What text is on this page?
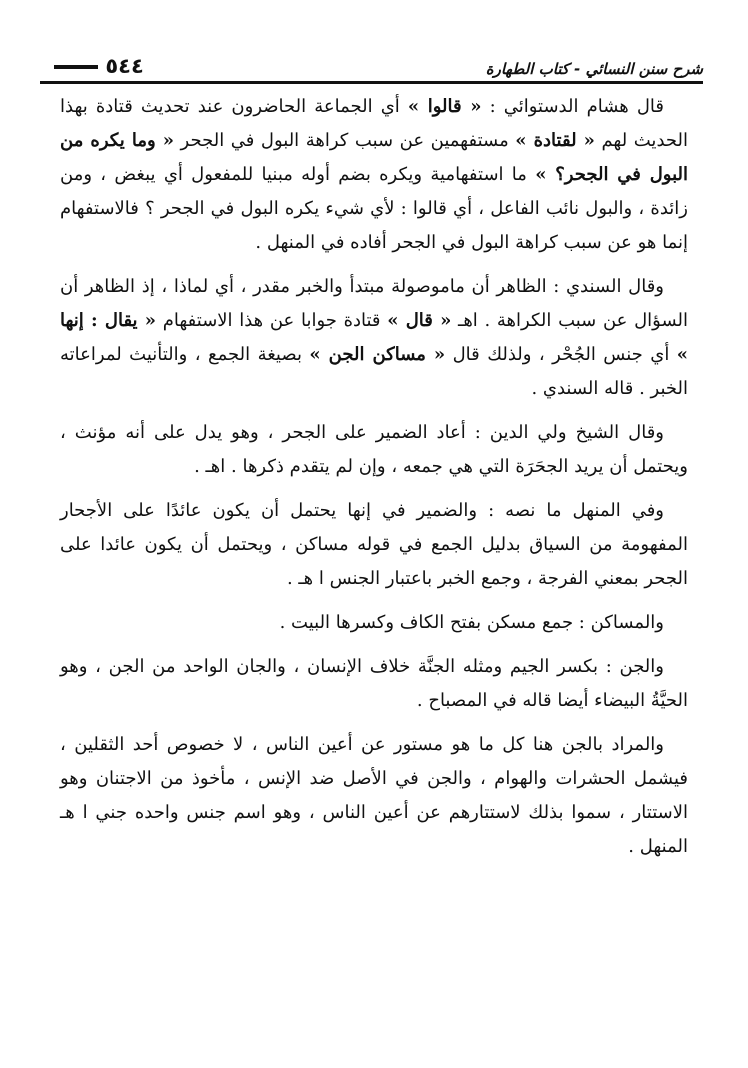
شرح سنن النسائي - كتاب الطهارة
٥٤٤

قال هشام الدستوائي : « قالوا » أي الجماعة الحاضرون عند تحديث قتادة بهذا الحديث لهم « لقتادة » مستفهمين عن سبب كراهة البول في الجحر « وما يكره من البول في الجحر؟ » ما استفهامية ويكره بضم أوله مبنيا للمفعول أي يبغض ، ومن زائدة ، والبول نائب الفاعل ، أي قالوا : لأي شيء يكره البول في الجحر ؟ فالاستفهام إنما هو عن سبب كراهة البول في الجحر أفاده في المنهل .

وقال السندي : الظاهر أن ماموصولة مبتدأ والخبر مقدر ، أي لماذا ، إذ الظاهر أن السؤال عن سبب الكراهة . اهـ « قال » قتادة جوابا عن هذا الاستفهام « يقال : إنها » أي جنس الجُحْر ، ولذلك قال « مساكن الجن » بصيغة الجمع ، والتأنيث لمراعاته الخبر . قاله السندي .

وقال الشيخ ولي الدين : أعاد الضمير على الجحر ، وهو يدل على أنه مؤنث ، ويحتمل أن يريد الجحَرَة التي هي جمعه ، وإن لم يتقدم ذكرها . اهـ .

وفي المنهل ما نصه : والضمير في إنها يحتمل أن يكون عائدًا على الأجحار المفهومة من السياق بدليل الجمع في قوله مساكن ، ويحتمل أن يكون عائدا على الجحر بمعني الفرجة ، وجمع الخبر باعتبار الجنس ا هـ .

والمساكن : جمع مسكن بفتح الكاف وكسرها البيت .

والجن : بكسر الجيم ومثله الجنَّة خلاف الإنسان ، والجان الواحد من الجن ، وهو الحيَّةُ البيضاء أيضا قاله في المصباح .

والمراد بالجن هنا كل ما هو مستور عن أعين الناس ، لا خصوص أحد الثقلين ، فيشمل الحشرات والهوام ، والجن في الأصل ضد الإنس ، مأخوذ من الاجتنان وهو الاستتار ، سموا بذلك لاستتارهم عن أعين الناس ، وهو اسم جنس واحده جني ا هـ المنهل .
